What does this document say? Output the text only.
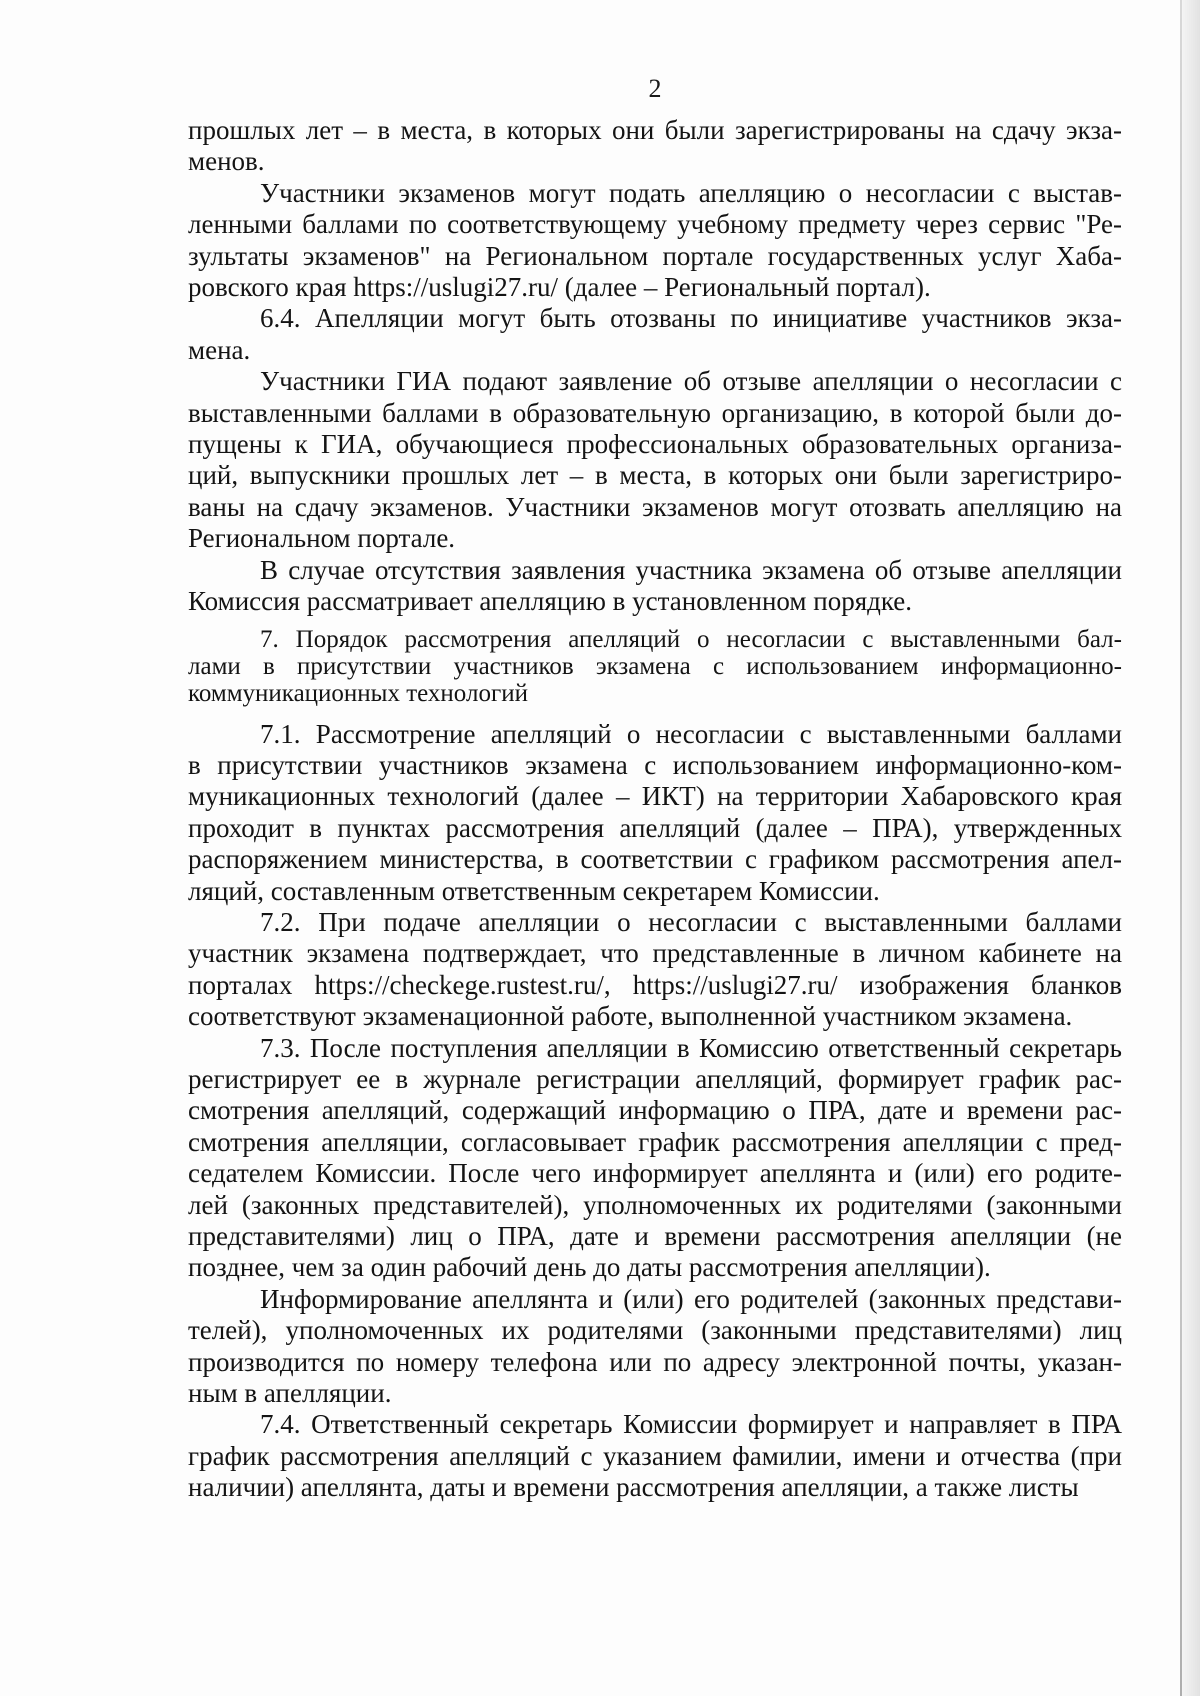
2

прошлых лет – в места, в которых они были зарегистрированы на сдачу экза-
менов.

Участники экзаменов могут подать апелляцию о несогласии с выстав-
ленными баллами по соответствующему учебному предмету через сервис "Ре-
зультаты экзаменов" на Региональном портале государственных услуг Хаба-
ровского края https://uslugi27.ru/ (далее – Региональный портал).

6.4. Апелляции могут быть отозваны по инициативе участников экза-
мена.

Участники ГИА подают заявление об отзыве апелляции о несогласии с
выставленными баллами в образовательную организацию, в которой были до-
пущены к ГИА, обучающиеся профессиональных образовательных организа-
ций, выпускники прошлых лет – в места, в которых они были зарегистриро-
ваны на сдачу экзаменов. Участники экзаменов могут отозвать апелляцию на
Региональном портале.

В случае отсутствия заявления участника экзамена об отзыве апелляции
Комиссия рассматривает апелляцию в установленном порядке.

7. Порядок рассмотрения апелляций о несогласии с выставленными бал-
лами в присутствии участников экзамена с использованием информационно-
коммуникационных технологий

7.1. Рассмотрение апелляций о несогласии с выставленными баллами
в присутствии участников экзамена с использованием информационно-ком-
муникационных технологий (далее – ИКТ) на территории Хабаровского края
проходит в пунктах рассмотрения апелляций (далее – ПРА), утвержденных
распоряжением министерства, в соответствии с графиком рассмотрения апел-
ляций, составленным ответственным секретарем Комиссии.

7.2. При подаче апелляции о несогласии с выставленными баллами
участник экзамена подтверждает, что представленные в личном кабинете на
порталах https://checkege.rustest.ru/, https://uslugi27.ru/ изображения бланков
соответствуют экзаменационной работе, выполненной участником экзамена.

7.3. После поступления апелляции в Комиссию ответственный секретарь
регистрирует ее в журнале регистрации апелляций, формирует график рас-
смотрения апелляций, содержащий информацию о ПРА, дате и времени рас-
смотрения апелляции, согласовывает график рассмотрения апелляции с пред-
седателем Комиссии. После чего информирует апеллянта и (или) его родите-
лей (законных представителей), уполномоченных их родителями (законными
представителями) лиц о ПРА, дате и времени рассмотрения апелляции (не
позднее, чем за один рабочий день до даты рассмотрения апелляции).

Информирование апеллянта и (или) его родителей (законных представи-
телей), уполномоченных их родителями (законными представителями) лиц
производится по номеру телефона или по адресу электронной почты, указан-
ным в апелляции.

7.4. Ответственный секретарь Комиссии формирует и направляет в ПРА
график рассмотрения апелляций с указанием фамилии, имени и отчества (при
наличии) апеллянта, даты и времени рассмотрения апелляции, а также листы
